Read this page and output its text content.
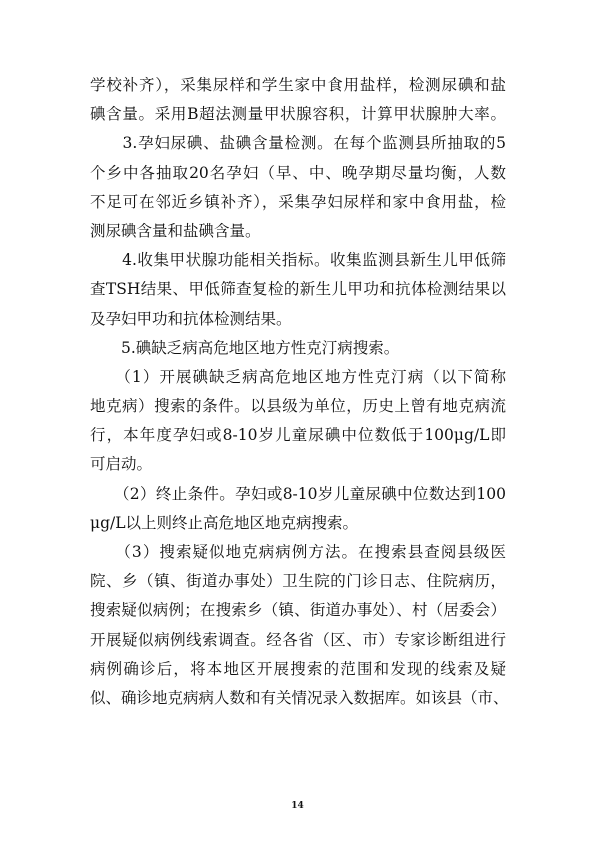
学校补齐），采集尿样和学生家中食用盐样，检测尿碘和盐
碘含量。采用B超法测量甲状腺容积，计算甲状腺肿大率。
　　3.孕妇尿碘、盐碘含量检测。在每个监测县所抽取的5
个乡中各抽取20名孕妇（早、中、晚孕期尽量均衡，人数
不足可在邻近乡镇补齐），采集孕妇尿样和家中食用盐，检
测尿碘含量和盐碘含量。
　　4.收集甲状腺功能相关指标。收集监测县新生儿甲低筛
查TSH结果、甲低筛查复检的新生儿甲功和抗体检测结果以
及孕妇甲功和抗体检测结果。
　　5.碘缺乏病高危地区地方性克汀病搜索。
　　（1）开展碘缺乏病高危地区地方性克汀病（以下简称
地克病）搜索的条件。以县级为单位，历史上曾有地克病流
行，本年度孕妇或8-10岁儿童尿碘中位数低于100μg/L即
可启动。
　　（2）终止条件。孕妇或8-10岁儿童尿碘中位数达到100
μg/L以上则终止高危地区地克病搜索。
　　（3）搜索疑似地克病病例方法。在搜索县查阅县级医
院、乡（镇、街道办事处）卫生院的门诊日志、住院病历，
搜索疑似病例；在搜索乡（镇、街道办事处）、村（居委会）
开展疑似病例线索调查。经各省（区、市）专家诊断组进行
病例确诊后，将本地区开展搜索的范围和发现的线索及疑
似、确诊地克病病人数和有关情况录入数据库。如该县（市、
14
